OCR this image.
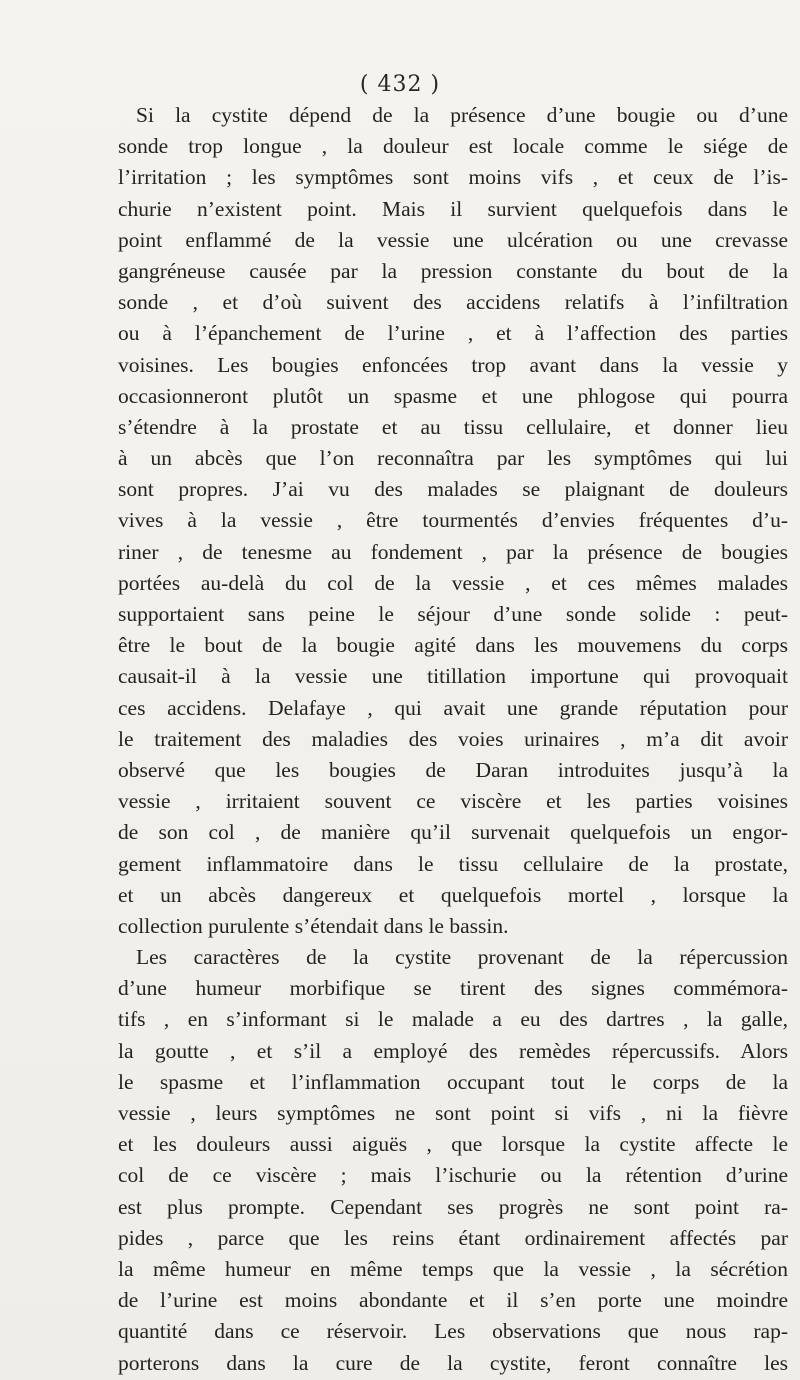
( 432 )
Si la cystite dépend de la présence d’une bougie ou d’une
sonde trop longue , la douleur est locale comme le siége de
l’irritation ; les symptômes sont moins vifs , et ceux de l’is-
churie n’existent point. Mais il survient quelquefois dans le
point enflammé de la vessie une ulcération ou une crevasse
gangréneuse causée par la pression constante du bout de la
sonde , et d’où suivent des accidens relatifs à l’infiltration
ou à l’épanchement de l’urine , et à l’affection des parties
voisines. Les bougies enfoncées trop avant dans la vessie y
occasionneront plutôt un spasme et une phlogose qui pourra
s’étendre à la prostate et au tissu cellulaire, et donner lieu
à un abcès que l’on reconnaîtra par les symptômes qui lui
sont propres. J’ai vu des malades se plaignant de douleurs
vives à la vessie , être tourmentés d’envies fréquentes d’u-
riner , de tenesme au fondement , par la présence de bougies
portées au-delà du col de la vessie , et ces mêmes malades
supportaient sans peine le séjour d’une sonde solide : peut-
être le bout de la bougie agité dans les mouvemens du corps
causait-il à la vessie une titillation importune qui provoquait
ces accidens. Delafaye , qui avait une grande réputation pour
le traitement des maladies des voies urinaires , m’a dit avoir
observé que les bougies de Daran introduites jusqu’à la
vessie , irritaient souvent ce viscère et les parties voisines
de son col , de manière qu’il survenait quelquefois un engor-
gement inflammatoire dans le tissu cellulaire de la prostate,
et un abcès dangereux et quelquefois mortel , lorsque la
collection purulente s’étendait dans le bassin.
Les caractères de la cystite provenant de la répercussion
d’une humeur morbifique se tirent des signes commémora-
tifs , en s’informant si le malade a eu des dartres , la galle,
la goutte , et s’il a employé des remèdes répercussifs. Alors
le spasme et l’inflammation occupant tout le corps de la
vessie , leurs symptômes ne sont point si vifs , ni la fièvre
et les douleurs aussi aiguës , que lorsque la cystite affecte le
col de ce viscère ; mais l’ischurie ou la rétention d’urine
est plus prompte. Cependant ses progrès ne sont point ra-
pides , parce que les reins étant ordinairement affectés par
la même humeur en même temps que la vessie , la sécrétion
de l’urine est moins abondante et il s’en porte une moindre
quantité dans ce réservoir. Les observations que nous rap-
porterons dans la cure de la cystite, feront connaître les
